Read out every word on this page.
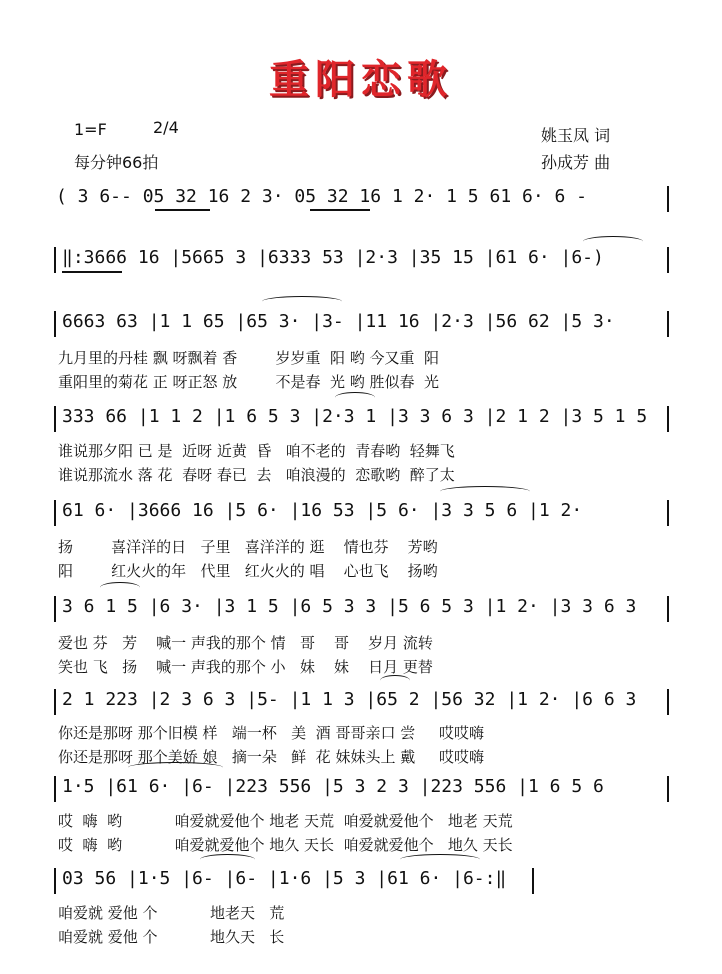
重阳恋歌
1=F	2/4
每分钟66拍
姚玉凤 词
孙成芳 曲
( 3 6-- 05 32 16 2 3· 05 32 16 1 2· 1 5 61 6· 6 -
‖:3666 16 |5665 3 |6333 53 |2·3 |35 15 |61 6· |6-)
6663 63 |1 1 65 |65 3· |3- |11 16 |2·3 |56 62 |5 3·
九月里的丹桂 飘 呀飘着 香        岁岁重  阳 哟 今又重  阳
重阳里的菊花 正 呀正怒 放        不是春  光 哟 胜似春  光
333 66 |1 1 2 |1 6 5 3 |2·3 1 |3 3 6 3 |2 1 2 |3 5 1 5
谁说那夕阳 已 是  近呀 近黄  昏   咱不老的  青春哟  轻舞飞
谁说那流水 落 花  春呀 春已  去   咱浪漫的  恋歌哟  醉了太
61 6· |3666 16 |5 6· |16 53 |5 6· |3 3 5 6 |1 2·
扬        喜洋洋的日   子里   喜洋洋的 逛    情也芬    芳哟
阳        红火火的年   代里   红火火的 唱    心也飞    扬哟
3 6 1 5 |6 3· |3 1 5 |6 5 3 3 |5 6 5 3 |1 2· |3 3 6 3
爱也 芬   芳    喊一 声我的那个 情   哥    哥    岁月 流转
笑也 飞   扬    喊一 声我的那个 小   妹    妹    日月 更替
2 1 223 |2 3 6 3 |5- |1 1 3 |65 2 |56 32 |1 2· |6 6 3
你还是那呀 那个旧模 样   端一杯   美  酒 哥哥亲口 尝     哎哎嗨
你还是那呀 那个美娇 娘   摘一朵   鲜  花 妹妹头上 戴     哎哎嗨
1·5 |61 6· |6- |223 556 |5 3 2 3 |223 556 |1 6 5 6
哎  嗨  哟           咱爱就爱他个 地老 天荒  咱爱就爱他个   地老 天荒
哎  嗨  哟           咱爱就爱他个 地久 天长  咱爱就爱他个   地久 天长
03 56 |1·5 |6- |6- |1·6 |5 3 |61 6· |6-:‖
咱爱就 爱他 个           地老天   荒
咱爱就 爱他 个           地久天   长
